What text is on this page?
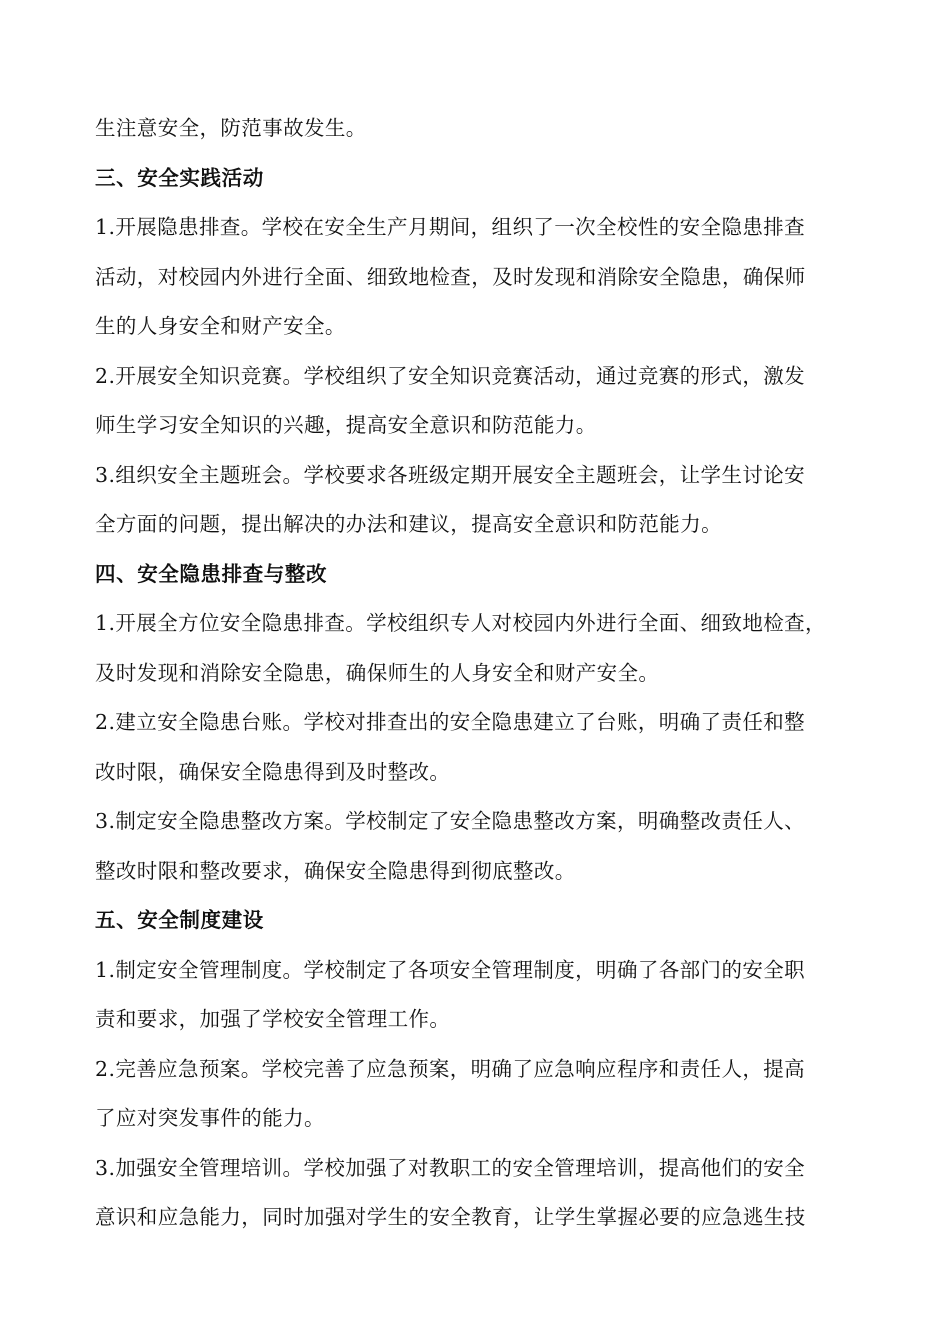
生注意安全，防范事故发生。
三、安全实践活动
1.开展隐患排查。学校在安全生产月期间，组织了一次全校性的安全隐患排查
活动，对校园内外进行全面、细致地检查，及时发现和消除安全隐患，确保师
生的人身安全和财产安全。
2.开展安全知识竞赛。学校组织了安全知识竞赛活动，通过竞赛的形式，激发
师生学习安全知识的兴趣，提高安全意识和防范能力。
3.组织安全主题班会。学校要求各班级定期开展安全主题班会，让学生讨论安
全方面的问题，提出解决的办法和建议，提高安全意识和防范能力。
四、安全隐患排查与整改
1.开展全方位安全隐患排查。学校组织专人对校园内外进行全面、细致地检查，
及时发现和消除安全隐患，确保师生的人身安全和财产安全。
2.建立安全隐患台账。学校对排查出的安全隐患建立了台账，明确了责任和整
改时限，确保安全隐患得到及时整改。
3.制定安全隐患整改方案。学校制定了安全隐患整改方案，明确整改责任人、
整改时限和整改要求，确保安全隐患得到彻底整改。
五、安全制度建设
1.制定安全管理制度。学校制定了各项安全管理制度，明确了各部门的安全职
责和要求，加强了学校安全管理工作。
2.完善应急预案。学校完善了应急预案，明确了应急响应程序和责任人，提高
了应对突发事件的能力。
3.加强安全管理培训。学校加强了对教职工的安全管理培训，提高他们的安全
意识和应急能力，同时加强对学生的安全教育，让学生掌握必要的应急逃生技
